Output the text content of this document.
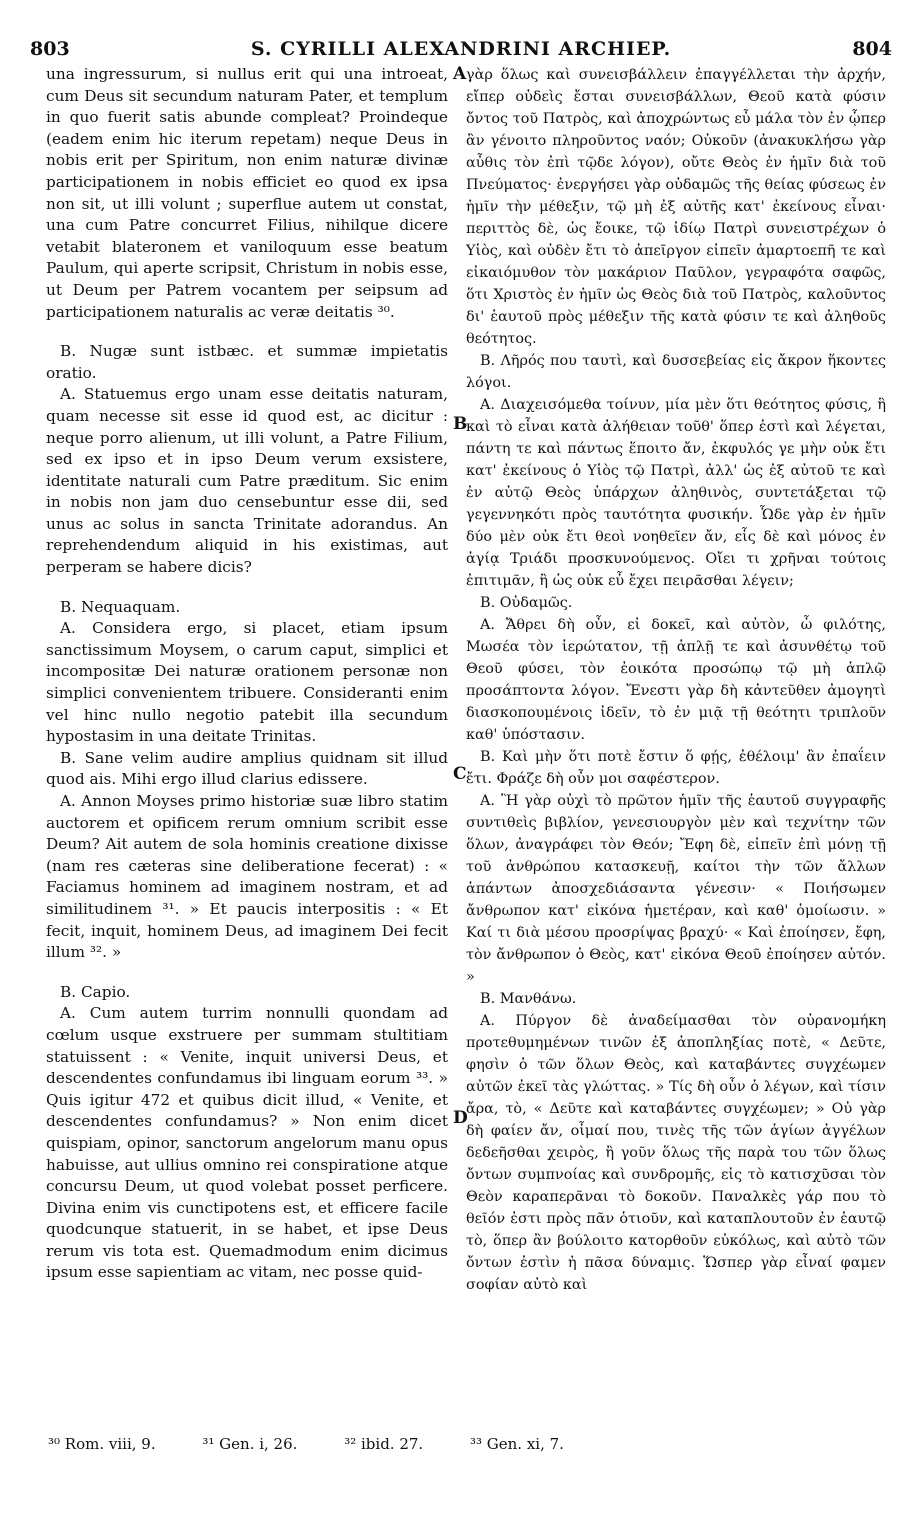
S. CYRILLI ALEXANDRINI ARCHIEP.
803	804

una ingressurum, si nullus erit qui una introeat, cum Deus sit secundum naturam Pater, et templum in quo fuerit satis abunde compleat? Proindeque (eadem enim hic iterum repetam) neque Deus in nobis erit per Spiritum, non enim naturæ divinæ participationem in nobis efficiet eo quod ex ipsa non sit, ut illi volunt ; superflue autem ut constat, una cum Patre concurret Filius, nihilque dicere vetabit blateronem et vaniloquum esse beatum Paulum, qui aperte scripsit, Christum in nobis esse, ut Deum per Patrem vocantem per seipsum ad participationem naturalis ac veræ deitatis ³⁰.

B. Nugæ sunt istbæc. et summæ impietatis oratio.

A. Statuemus ergo unam esse deitatis naturam, quam necesse sit esse id quod est, ac dicitur : neque porro alienum, ut illi volunt, a Patre Filium, sed ex ipso et in ipso Deum verum exsistere, identitate naturali cum Patre præditum. Sic enim in nobis non jam duo censebuntur esse dii, sed unus ac solus in sancta Trinitate adorandus. An reprehendendum aliquid in his existimas, aut perperam se habere dicis?

B. Nequaquam.

A. Considera ergo, si placet, etiam ipsum sanctissimum Moysem, o carum caput, simplici et incompositæ Dei naturæ orationem personæ non simplici convenientem tribuere. Consideranti enim vel hinc nullo negotio patebit illa secundum hypostasim in una deitate Trinitas.

B. Sane velim audire amplius quidnam sit illud quod ais. Mihi ergo illud clarius edissere.

A. Annon Moyses primo historiæ suæ libro statim auctorem et opificem rerum omnium scribit esse Deum? Ait autem de sola hominis creatione dixisse (nam res cæteras sine deliberatione fecerat) : « Faciamus hominem ad imaginem nostram, et ad similitudinem ³¹. » Et paucis interpositis : « Et fecit, inquit, hominem Deus, ad imaginem Dei fecit illum ³². »

B. Capio.

A. Cum autem turrim nonnulli quondam ad cœlum usque exstruere per summam stultitiam statuissent : « Venite, inquit universi Deus, et descendentes confundamus ibi linguam eorum ³³. » Quis igitur 472 et quibus dicit illud, « Venite, et descendentes confundamus? » Non enim dicet quispiam, opinor, sanctorum angelorum manu opus habuisse, aut ullius omnino rei conspiratione atque concursu Deum, ut quod volebat posset perficere. Divina enim vis cunctipotens est, et efficere facile quodcunque statuerit, in se habet, et ipse Deus rerum vis tota est. Quemadmodum enim dicimus ipsum esse sapientiam ac vitam, nec posse quid-

A
B
C
D

γὰρ ὅλως καὶ συνεισβάλλειν ἐπαγγέλλεται τὴν ἀρχήν, εἴπερ οὐδεὶς ἔσται συνεισβάλλων, Θεοῦ κατὰ φύσιν ὄντος τοῦ Πατρὸς, καὶ ἀποχρώντως εὖ μάλα τὸν ἐν ᾧπερ ἂν γένοιτο πληροῦντος ναόν; Οὐκοῦν (ἀνακυκλήσω γὰρ αὖθις τὸν ἐπὶ τῷδε λόγον), οὔτε Θεὸς ἐν ἡμῖν διὰ τοῦ Πνεύματος· ἐνεργήσει γὰρ οὐδαμῶς τῆς θείας φύσεως ἐν ἡμῖν τὴν μέθεξιν, τῷ μὴ ἐξ αὐτῆς κατ' ἐκείνους εἶναι· περιττὸς δὲ, ὡς ἔοικε, τῷ ἰδίῳ Πατρὶ συνειστρέχων ὁ Υἱὸς, καὶ οὐδὲν ἔτι τὸ ἀπεῖργον εἰπεῖν ἁμαρτοεπῆ τε καὶ εἰκαιόμυθον τὸν μακάριον Παῦλον, γεγραφότα σαφῶς, ὅτι Χριστὸς ἐν ἡμῖν ὡς Θεὸς διὰ τοῦ Πατρὸς, καλοῦντος δι' ἑαυτοῦ πρὸς μέθεξιν τῆς κατὰ φύσιν τε καὶ ἀληθοῦς θεότητος.

B. Λῆρός που ταυτὶ, καὶ δυσσεβείας εἰς ἄκρον ἥκοντες λόγοι.

A. Διαχεισόμεθα τοίνυν, μία μὲν ὅτι θεότητος φύσις, ἣ καὶ τὸ εἶναι κατὰ ἀλήθειαν τοῦθ' ὅπερ ἐστὶ καὶ λέγεται, πάντη τε καὶ πάντως ἕποιτο ἄν, ἐκφυλός γε μὴν οὐκ ἔτι κατ' ἐκείνους ὁ Υἱὸς τῷ Πατρὶ, ἀλλ' ὡς ἐξ αὐτοῦ τε καὶ ἐν αὐτῷ Θεὸς ὑπάρχων ἀληθινὸς, συντετάξεται τῷ γεγεννηκότι πρὸς ταυτότητα φυσικήν. Ὧδε γὰρ ἐν ἡμῖν δύο μὲν οὐκ ἔτι θεοὶ νοηθεῖεν ἄν, εἷς δὲ καὶ μόνος ἐν ἁγίᾳ Τριάδι προσκυνούμενος. Οἴει τι χρῆναι τούτοις ἐπιτιμᾶν, ἢ ὡς οὐκ εὖ ἔχει πειρᾶσθαι λέγειν;

B. Οὐδαμῶς.

A. Ἄθρει δὴ οὖν, εἰ δοκεῖ, καὶ αὐτὸν, ὦ φιλότης, Μωσέα τὸν ἱερώτατον, τῇ ἁπλῇ τε καὶ ἀσυνθέτῳ τοῦ Θεοῦ φύσει, τὸν ἐοικότα προσώπῳ τῷ μὴ ἁπλῷ προσάπτοντα λόγον. Ἔνεστι γὰρ δὴ κἀντεῦθεν ἀμογητὶ διασκοπουμένοις ἰδεῖν, τὸ ἐν μιᾷ τῇ θεότητι τριπλοῦν καθ' ὑπόστασιν.

B. Καὶ μὴν ὅτι ποτὲ ἔστιν ὅ φῄς, ἐθέλοιμ' ἂν ἐπαΐειν ἔτι. Φράζε δὴ οὖν μοι σαφέστερον.

A. Ἢ γὰρ οὐχὶ τὸ πρῶτον ἡμῖν τῆς ἑαυτοῦ συγγραφῆς συντιθεὶς βιβλίον, γενεσιουργὸν μὲν καὶ τεχνίτην τῶν ὅλων, ἀναγράφει τὸν Θεόν; Ἔφη δὲ, εἰπεῖν ἐπὶ μόνῃ τῇ τοῦ ἀνθρώπου κατασκευῇ, καίτοι τὴν τῶν ἄλλων ἁπάντων ἀποσχεδιάσαντα γένεσιν· « Ποιήσωμεν ἄνθρωπον κατ' εἰκόνα ἡμετέραν, καὶ καθ' ὁμοίωσιν. » Καί τι διὰ μέσου προσρίψας βραχύ· « Καὶ ἐποίησεν, ἔφη, τὸν ἄνθρωπον ὁ Θεὸς, κατ' εἰκόνα Θεοῦ ἐποίησεν αὐτόν. »

B. Μανθάνω.

A. Πύργον δὲ ἀναδείμασθαι τὸν οὐρανομήκη προτεθυμημένων τινῶν ἐξ ἀποπληξίας ποτὲ, « Δεῦτε, φησὶν ὁ τῶν ὅλων Θεὸς, καὶ καταβάντες συγχέωμεν αὐτῶν ἐκεῖ τὰς γλώττας. » Τίς δὴ οὖν ὁ λέγων, καὶ τίσιν ἄρα, τὸ, « Δεῦτε καὶ καταβάντες συγχέωμεν; » Οὐ γὰρ δὴ φαίεν ἄν, οἶμαί που, τινὲς τῆς τῶν ἁγίων ἀγγέλων δεδεῆσθαι χειρὸς, ἢ γοῦν ὅλως τῆς παρὰ του τῶν ὅλως ὄντων συμπνοίας καὶ συνδρομῆς, εἰς τὸ κατισχῦσαι τὸν Θεὸν καραπερᾶναι τὸ δοκοῦν. Παναλκὲς γάρ που τὸ θεῖόν ἐστι πρὸς πᾶν ὁτιοῦν, καὶ καταπλουτοῦν ἐν ἑαυτῷ τὸ, ὅπερ ἂν βούλοιτο κατορθοῦν εὐκόλως, καὶ αὐτὸ τῶν ὄντων ἐστὶν ἡ πᾶσα δύναμις. Ὥσπερ γὰρ εἶναί φαμεν σοφίαν αὐτὸ καὶ

³⁰ Rom. viii, 9.	³¹ Gen. i, 26.	³² ibid. 27.	³³ Gen. xi, 7.
